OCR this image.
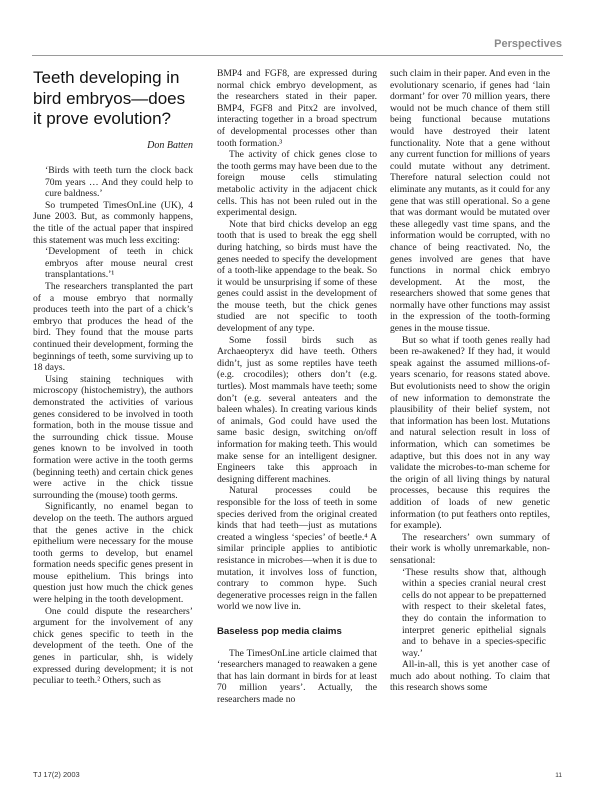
Perspectives
Teeth developing in bird embryos—does it prove evolution?
Don Batten

‘Birds with teeth turn the clock back 70m years … And they could help to cure baldness.’

So trumpeted TimesOnLine (UK), 4 June 2003. But, as commonly happens, the title of the actual paper that inspired this statement was much less exciting:

‘Development of teeth in chick embryos after mouse neural crest transplantations.’¹

The researchers transplanted the part of a mouse embryo that normally produces teeth into the part of a chick’s embryo that produces the head of the bird. They found that the mouse parts continued their development, forming the beginnings of teeth, some surviving up to 18 days.

Using staining techniques with microscopy (histochemistry), the authors demonstrated the activities of various genes considered to be involved in tooth formation, both in the mouse tissue and the surrounding chick tissue. Mouse genes known to be involved in tooth formation were active in the tooth germs (beginning teeth) and certain chick genes were active in the chick tissue surrounding the (mouse) tooth germs.

Significantly, no enamel began to develop on the teeth. The authors argued that the genes active in the chick epithelium were necessary for the mouse tooth germs to develop, but enamel formation needs specific genes present in mouse epithelium. This brings into question just how much the chick genes were helping in the tooth development.

One could dispute the researchers’ argument for the involvement of any chick genes specific to teeth in the development of the teeth. One of the genes in particular, shh, is widely expressed during development; it is not peculiar to teeth.² Others, such as

BMP4 and FGF8, are expressed during normal chick embryo development, as the researchers stated in their paper. BMP4, FGF8 and Pitx2 are involved, interacting together in a broad spectrum of developmental processes other than tooth formation.³

The activity of chick genes close to the tooth germs may have been due to the foreign mouse cells stimulating metabolic activity in the adjacent chick cells. This has not been ruled out in the experimental design.

Note that bird chicks develop an egg tooth that is used to break the egg shell during hatching, so birds must have the genes needed to specify the development of a tooth-like appendage to the beak. So it would be unsurprising if some of these genes could assist in the development of the mouse teeth, but the chick genes studied are not specific to tooth development of any type.

Some fossil birds such as Archaeopteryx did have teeth. Others didn’t, just as some reptiles have teeth (e.g. crocodiles); others don’t (e.g. turtles). Most mammals have teeth; some don’t (e.g. several anteaters and the baleen whales). In creating various kinds of animals, God could have used the same basic design, switching on/off information for making teeth. This would make sense for an intelligent designer. Engineers take this approach in designing different machines.

Natural processes could be responsible for the loss of teeth in some species derived from the original created kinds that had teeth—just as mutations created a wingless ‘species’ of beetle.⁴ A similar principle applies to antibiotic resistance in microbes—when it is due to mutation, it involves loss of function, contrary to common hype. Such degenerative processes reign in the fallen world we now live in.

Baseless pop media claims

The TimesOnLine article claimed that ‘researchers managed to reawaken a gene that has lain dormant in birds for at least 70 million years’. Actually, the researchers made no

such claim in their paper. And even in the evolutionary scenario, if genes had ‘lain dormant’ for over 70 million years, there would not be much chance of them still being functional because mutations would have destroyed their latent functionality. Note that a gene without any current function for millions of years could mutate without any detriment. Therefore natural selection could not eliminate any mutants, as it could for any gene that was still operational. So a gene that was dormant would be mutated over these allegedly vast time spans, and the information would be corrupted, with no chance of being reactivated. No, the genes involved are genes that have functions in normal chick embryo development. At the most, the researchers showed that some genes that normally have other functions may assist in the expression of the tooth-forming genes in the mouse tissue.

But so what if tooth genes really had been re-awakened? If they had, it would speak against the assumed millions-of-years scenario, for reasons stated above. But evolutionists need to show the origin of new information to demonstrate the plausibility of their belief system, not that information has been lost. Mutations and natural selection result in loss of information, which can sometimes be adaptive, but this does not in any way validate the microbes-to-man scheme for the origin of all living things by natural processes, because this requires the addition of loads of new genetic information (to put feathers onto reptiles, for example).

The researchers’ own summary of their work is wholly unremarkable, non-sensational:

‘These results show that, although within a species cranial neural crest cells do not appear to be prepatterned with respect to their skeletal fates, they do contain the information to interpret generic epithelial signals and to behave in a species-specific way.’

All-in-all, this is yet another case of much ado about nothing. To claim that this research shows some

TJ 17(2) 2003	11
